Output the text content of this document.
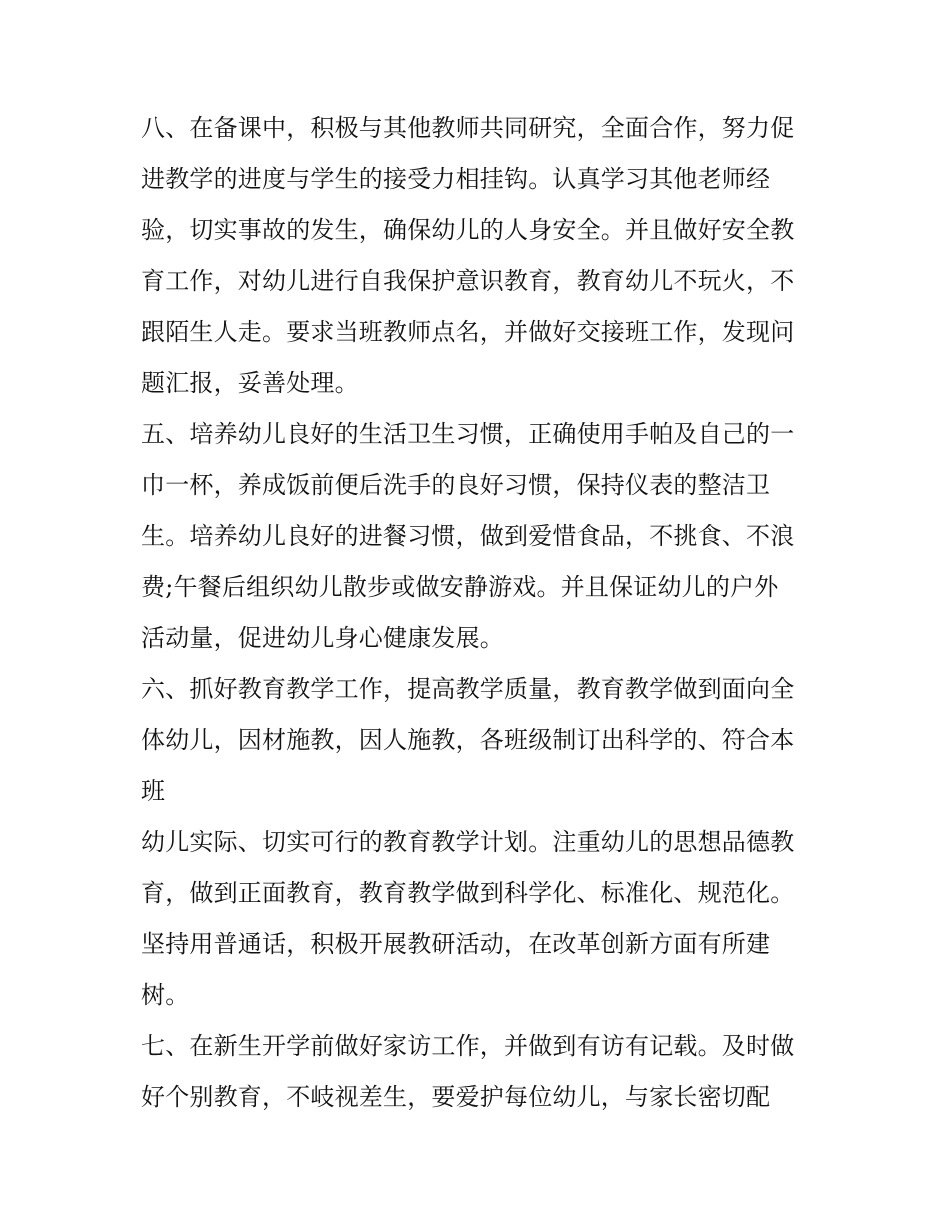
八、在备课中，积极与其他教师共同研究，全面合作，努力促
进教学的进度与学生的接受力相挂钩。认真学习其他老师经
验，切实事故的发生，确保幼儿的人身安全。并且做好安全教
育工作，对幼儿进行自我保护意识教育，教育幼儿不玩火，不
跟陌生人走。要求当班教师点名，并做好交接班工作，发现问
题汇报，妥善处理。
五、培养幼儿良好的生活卫生习惯，正确使用手帕及自己的一
巾一杯，养成饭前便后洗手的良好习惯，保持仪表的整洁卫
生。培养幼儿良好的进餐习惯，做到爱惜食品，不挑食、不浪
费;午餐后组织幼儿散步或做安静游戏。并且保证幼儿的户外
活动量，促进幼儿身心健康发展。
六、抓好教育教学工作，提高教学质量，教育教学做到面向全
体幼儿，因材施教，因人施教，各班级制订出科学的、符合本
班
幼儿实际、切实可行的教育教学计划。注重幼儿的思想品德教
育，做到正面教育，教育教学做到科学化、标准化、规范化。
坚持用普通话，积极开展教研活动，在改革创新方面有所建
树。
七、在新生开学前做好家访工作，并做到有访有记载。及时做
好个别教育，不岐视差生，要爱护每位幼儿，与家长密切配
